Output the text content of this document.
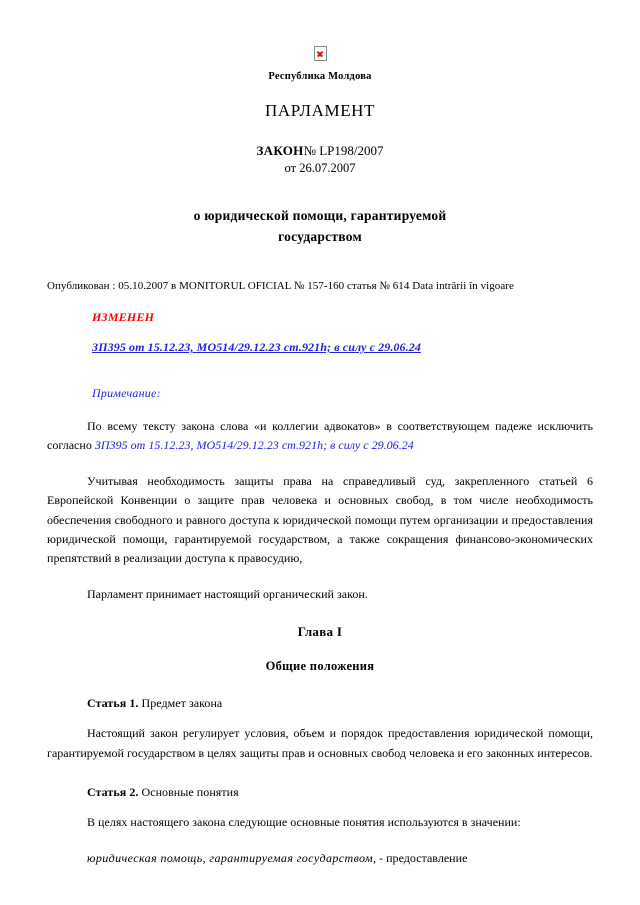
Республика Молдова
ПАРЛАМЕНТ
ЗАКОН№ LP198/2007
от 26.07.2007
о юридической помощи, гарантируемой
государством
Опубликован : 05.10.2007 в MONITORUL OFICIAL № 157-160 статья № 614 Data intrării în vigoare
ИЗМЕНЕН
ЗП395 от 15.12.23, МО514/29.12.23 ст.921h; в силу с 29.06.24
Примечание:

По всему тексту закона слова «и коллегии адвокатов» в соответствующем падеже исключить согласно ЗП395 от 15.12.23, МО514/29.12.23 ст.921h; в силу с 29.06.24

Учитывая необходимость защиты права на справедливый суд, закрепленного статьей 6 Европейской Конвенции о защите прав человека и основных свобод, в том числе необходимость обеспечения свободного и равного доступа к юридической помощи путем организации и предоставления юридической помощи, гарантируемой государством, а также сокращения финансово-экономических препятствий в реализации доступа к правосудию,

Парламент принимает настоящий органический закон.

Глава I
Общие положения
Статья 1. Предмет закона

Настоящий закон регулирует условия, объем и порядок предоставления юридической помощи, гарантируемой государством в целях защиты прав и основных свобод человека и его законных интересов.

Статья 2. Основные понятия

В целях настоящего закона следующие основные понятия используются в значении:

юридическая помощь, гарантируемая государством, - предоставление
